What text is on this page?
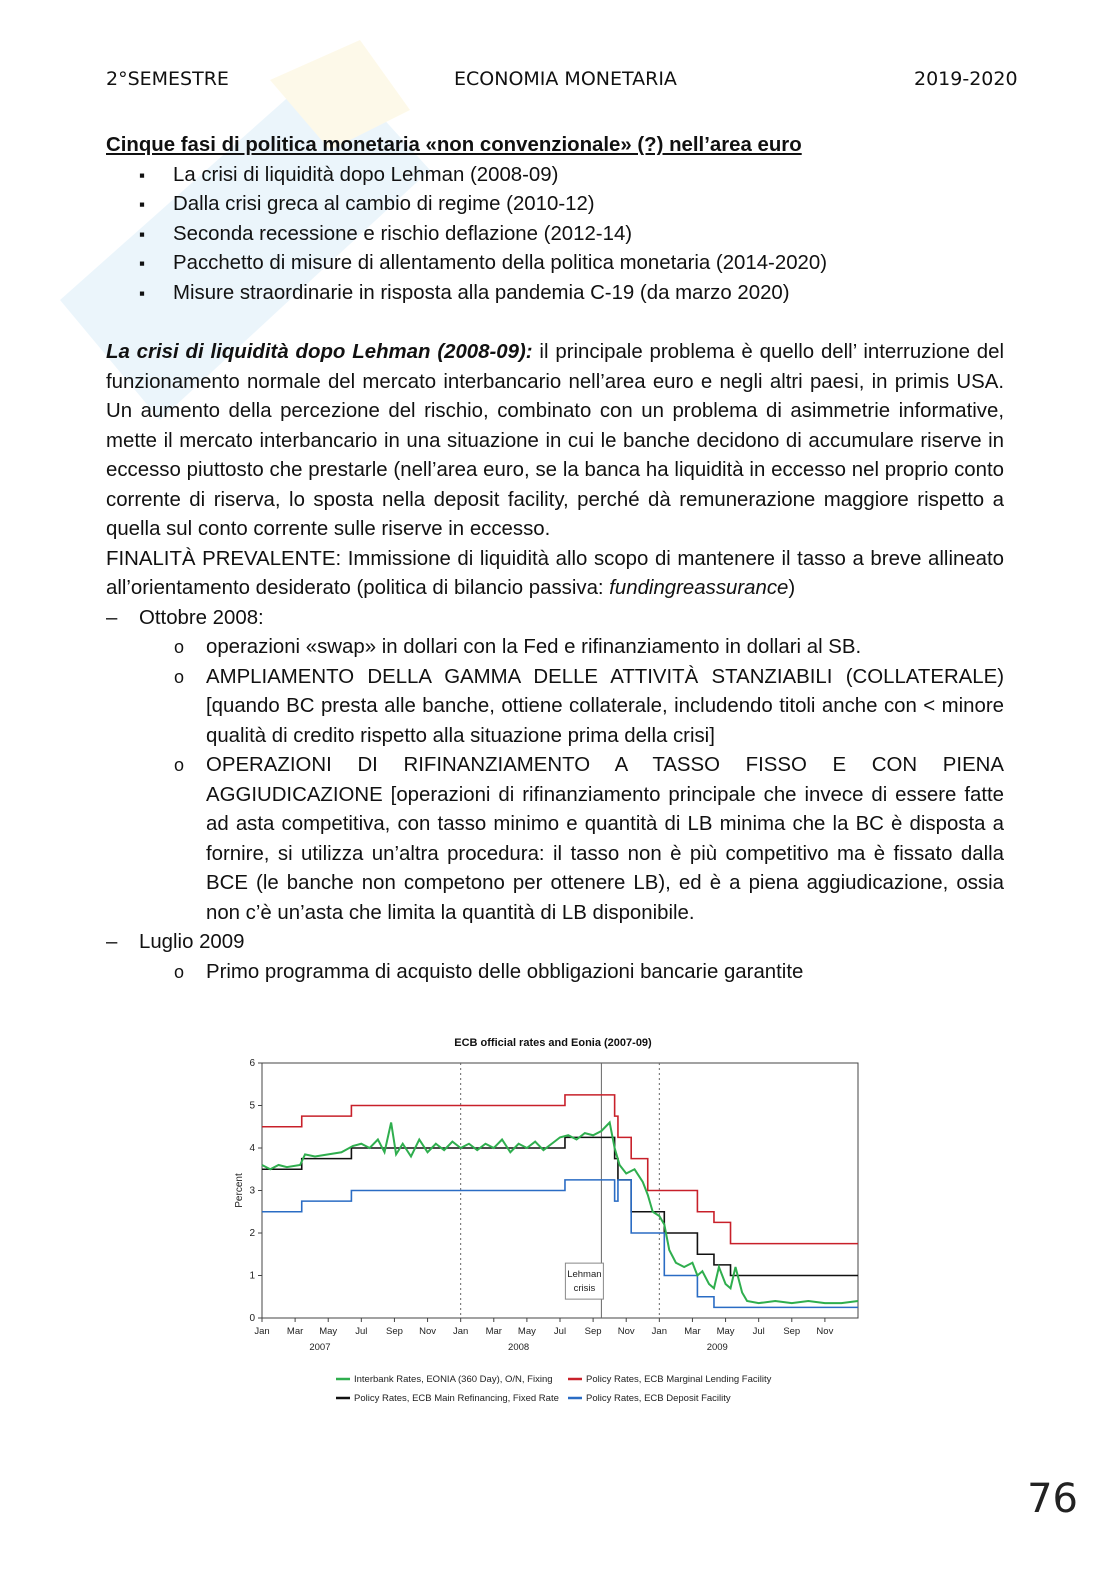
2°SEMESTRE	ECONOMIA MONETARIA	2019-2020

Cinque fasi di politica monetaria «non convenzionale» (?) nell’area euro

▪ La crisi di liquidità dopo Lehman (2008-09)
▪ Dalla crisi greca al cambio di regime (2010-12)
▪ Seconda recessione e rischio deflazione (2012-14)
▪ Pacchetto di misure di allentamento della politica monetaria (2014-2020)
▪ Misure straordinarie in risposta alla pandemia C-19 (da marzo 2020)

La crisi di liquidità dopo Lehman (2008-09): il principale problema è quello dell’ interruzione del funzionamento normale del mercato interbancario nell’area euro e negli altri paesi, in primis USA. Un aumento della percezione del rischio, combinato con un problema di asimmetrie informative, mette il mercato interbancario in una situazione in cui le banche decidono di accumulare riserve in eccesso piuttosto che prestarle (nell’area euro, se la banca ha liquidità in eccesso nel proprio conto corrente di riserva, lo sposta nella deposit facility, perché dà remunerazione maggiore rispetto a quella sul conto corrente sulle riserve in eccesso.

FINALITÀ PREVALENTE: Immissione di liquidità allo scopo di mantenere il tasso a breve allineato all’orientamento desiderato (politica di bilancio passiva: fundingreassurance)

– Ottobre 2008:
o operazioni «swap» in dollari con la Fed e rifinanziamento in dollari al SB.
o AMPLIAMENTO DELLA GAMMA DELLE ATTIVITÀ STANZIABILI (COLLATERALE) [quando BC presta alle banche, ottiene collaterale, includendo titoli anche con < minore qualità di credito rispetto alla situazione prima della crisi]
o OPERAZIONI DI RIFINANZIAMENTO A TASSO FISSO E CON PIENA AGGIUDICAZIONE [operazioni di rifinanziamento principale che invece di essere fatte ad asta competitiva, con tasso minimo e quantità di LB minima che la BC è disposta a fornire, si utilizza un’altra procedura: il tasso non è più competitivo ma è fissato dalla BCE (le banche non competono per ottenere LB), ed è a piena aggiudicazione, ossia non c’è un’asta che limita la quantità di LB disponibile.
– Luglio 2009
o Primo programma di acquisto delle obbligazioni bancarie garantite
ECB official rates and Eonia (2007-09)
0
1
2
3
4
5
6
Percent
Jan Mar May Jul Sep Nov Jan Mar May Jul Sep Nov Jan Mar May Jul Sep Nov
2007	2008	2009
Lehman
crisis
Interbank Rates, EONIA (360 Day), O/N, Fixing	Policy Rates, ECB Marginal Lending Facility
Policy Rates, ECB Main Refinancing, Fixed Rate	Policy Rates, ECB Deposit Facility
76
